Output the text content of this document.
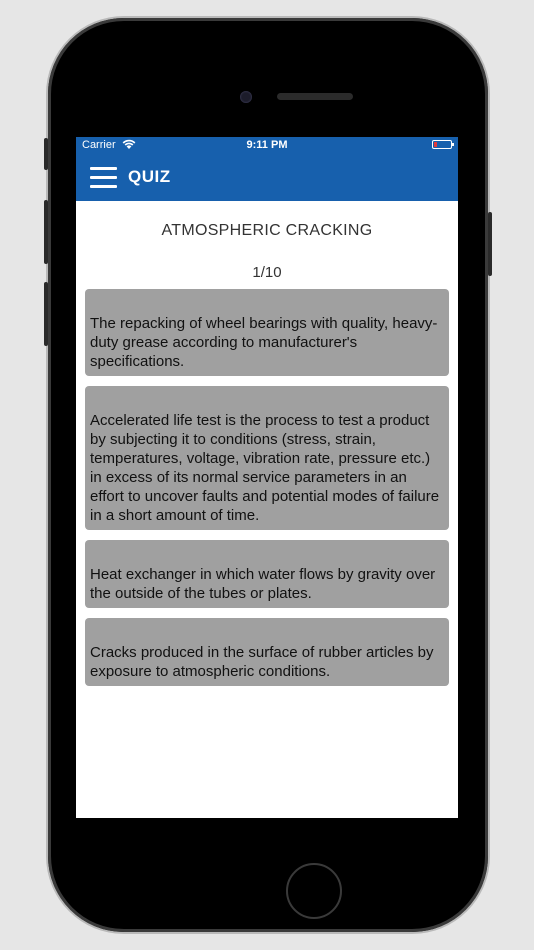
Carrier	9:11 PM
QUIZ
ATMOSPHERIC CRACKING
1/10
The repacking of wheel bearings with quality, heavy-duty grease according to manufacturer's specifications.
Accelerated life test is the process to test a product by subjecting it to conditions (stress, strain, temperatures, voltage, vibration rate, pressure etc.) in excess of its normal service parameters in an effort to uncover faults and potential modes of failure in a short amount of time.
Heat exchanger in which water flows by gravity over the outside of the tubes or plates.
Cracks produced in the surface of rubber articles by exposure to atmospheric conditions.
